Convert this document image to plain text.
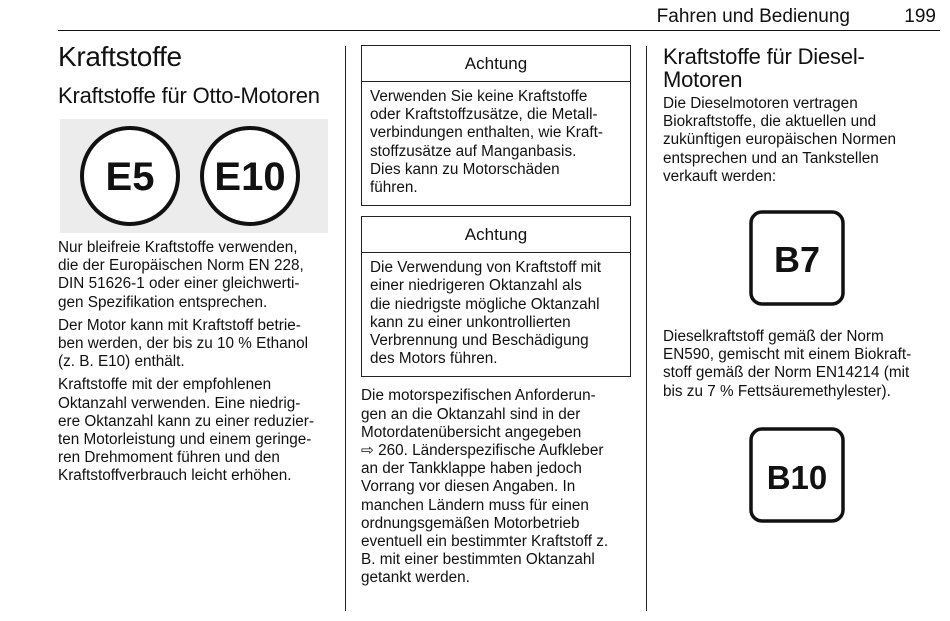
Fahren und Bedienung	199
Kraftstoffe
Kraftstoffe für Otto-Motoren
E5 E10

Nur bleifreie Kraftstoffe verwenden,
die der Europäischen Norm EN 228,
DIN 51626-1 oder einer gleichwerti-
gen Spezifikation entsprechen.

Der Motor kann mit Kraftstoff betrie-
ben werden, der bis zu 10 % Ethanol
(z. B. E10) enthält.

Kraftstoffe mit der empfohlenen
Oktanzahl verwenden. Eine niedrig-
ere Oktanzahl kann zu einer reduzier-
ten Motorleistung und einem geringe-
ren Drehmoment führen und den
Kraftstoffverbrauch leicht erhöhen.

Achtung

Verwenden Sie keine Kraftstoffe
oder Kraftstoffzusätze, die Metall-
verbindungen enthalten, wie Kraft-
stoffzusätze auf Manganbasis.
Dies kann zu Motorschäden
führen.

Achtung

Die Verwendung von Kraftstoff mit
einer niedrigeren Oktanzahl als
die niedrigste mögliche Oktanzahl
kann zu einer unkontrollierten
Verbrennung und Beschädigung
des Motors führen.

Die motorspezifischen Anforderun-
gen an die Oktanzahl sind in der
Motordatenübersicht angegeben
⇨ 260. Länderspezifische Aufkleber
an der Tankklappe haben jedoch
Vorrang vor diesen Angaben. In
manchen Ländern muss für einen
ordnungsgemäßen Motorbetrieb
eventuell ein bestimmter Kraftstoff z.
B. mit einer bestimmten Oktanzahl
getankt werden.

Kraftstoffe für Diesel-
Motoren

Die Dieselmotoren vertragen
Biokraftstoffe, die aktuellen und
zukünftigen europäischen Normen
entsprechen und an Tankstellen
verkauft werden:

B7

Dieselkraftstoff gemäß der Norm
EN590, gemischt mit einem Biokraft-
stoff gemäß der Norm EN14214 (mit
bis zu 7 % Fettsäuremethylester).

B10
